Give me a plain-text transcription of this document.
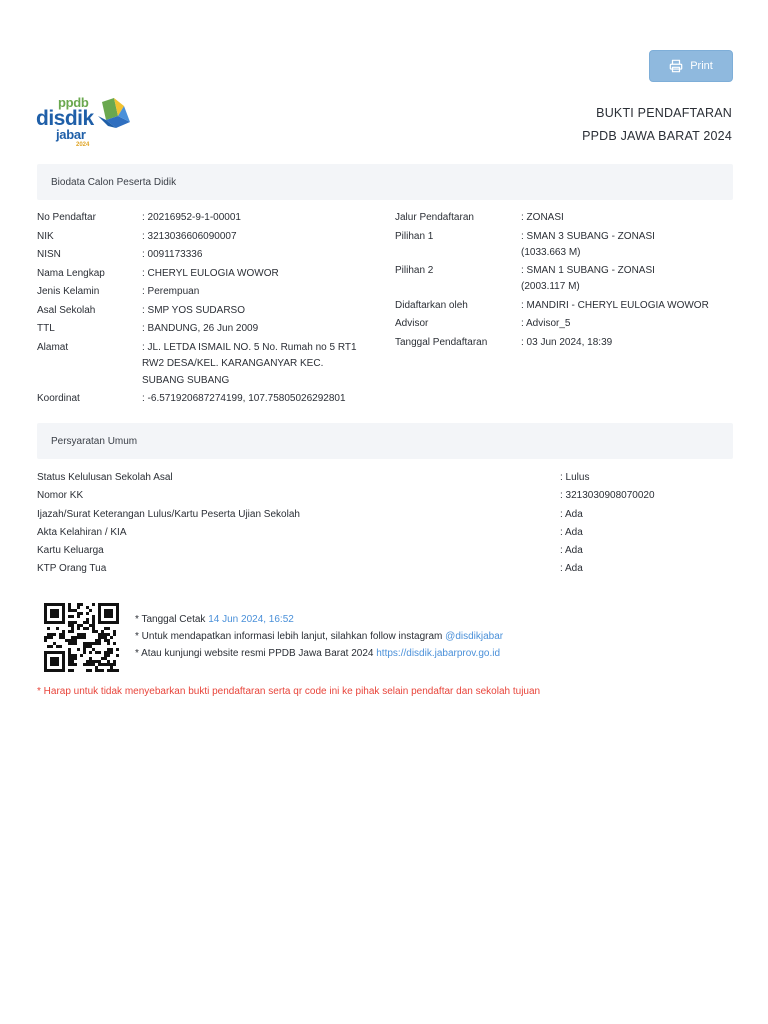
Print
ppdb
disdik
jabar
2024
BUKTI PENDAFTARAN
PPDB JAWA BARAT 2024
Biodata Calon Peserta Didik
No Pendaftar	: 20216952-9-1-00001
NIK	: 3213036606090007
NISN	: 0091173336
Nama Lengkap	: CHERYL EULOGIA WOWOR
Jenis Kelamin	: Perempuan
Asal Sekolah	: SMP YOS SUDARSO
TTL	: BANDUNG, 26 Jun 2009
Alamat	: JL. LETDA ISMAIL NO. 5 No. Rumah no 5 RT1 RW2 DESA/KEL. KARANGANYAR KEC. SUBANG SUBANG
Koordinat	: -6.571920687274199, 107.75805026292801
Jalur Pendaftaran	: ZONASI
Pilihan 1	: SMAN 3 SUBANG - ZONASI (1033.663 M)
Pilihan 2	: SMAN 1 SUBANG - ZONASI (2003.117 M)
Didaftarkan oleh	: MANDIRI - CHERYL EULOGIA WOWOR
Advisor	: Advisor_5
Tanggal Pendaftaran	: 03 Jun 2024, 18:39
Persyaratan Umum
Status Kelulusan Sekolah Asal	: Lulus
Nomor KK	: 3213030908070020
Ijazah/Surat Keterangan Lulus/Kartu Peserta Ujian Sekolah	: Ada
Akta Kelahiran / KIA	: Ada
Kartu Keluarga	: Ada
KTP Orang Tua	: Ada
* Tanggal Cetak 14 Jun 2024, 16:52
* Untuk mendapatkan informasi lebih lanjut, silahkan follow instagram @disdikjabar
* Atau kunjungi website resmi PPDB Jawa Barat 2024 https://disdik.jabarprov.go.id
* Harap untuk tidak menyebarkan bukti pendaftaran serta qr code ini ke pihak selain pendaftar dan sekolah tujuan
